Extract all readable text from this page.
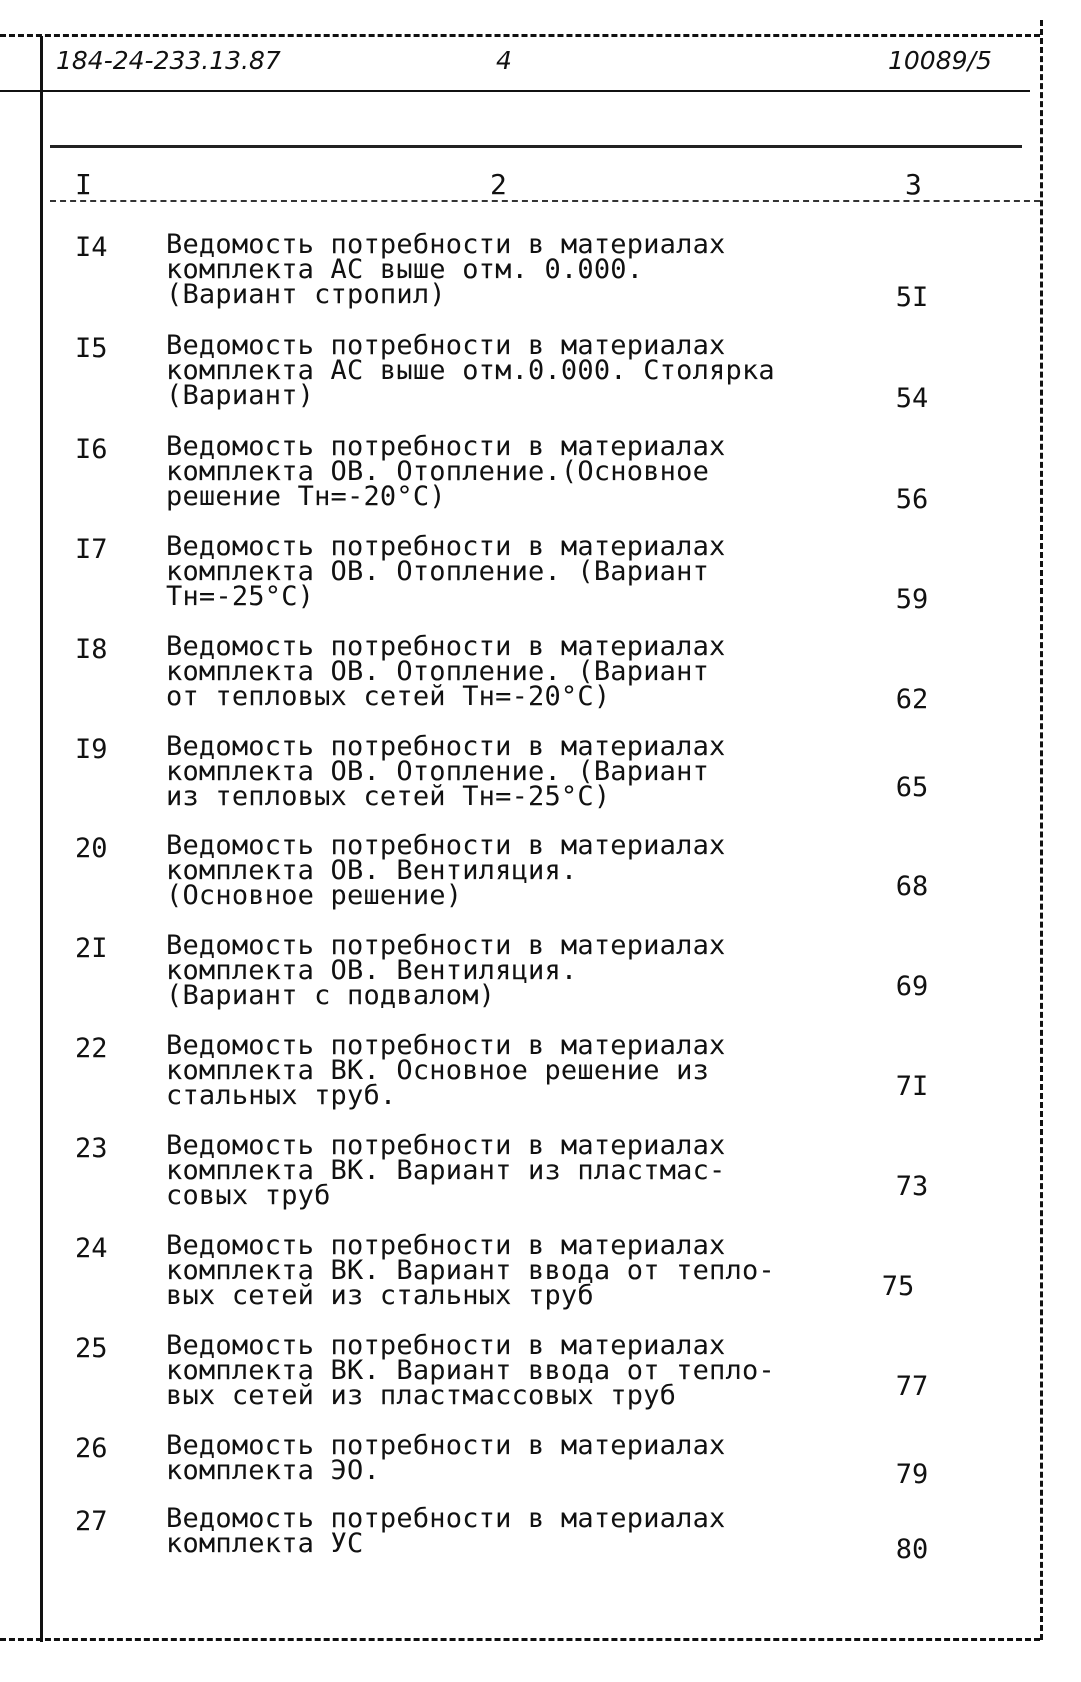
184-24-233.13.87	4	10089/5
I	2	3
I4 Ведомость потребности в материалах
комплекта АС выше отм. 0.000.
(Вариант стропил)	5I
I5 Ведомость потребности в материалах
комплекта АС выше отм.0.000. Столярка
(Вариант)	54
I6 Ведомость потребности в материалах
комплекта ОВ. Отопление.(Основное
решение Тн=-20°С)	56
I7 Ведомость потребности в материалах
комплекта ОВ. Отопление. (Вариант
Тн=-25°С)	59
I8 Ведомость потребности в материалах
комплекта ОВ. Отопление. (Вариант
от тепловых сетей Тн=-20°С)	62
I9 Ведомость потребности в материалах
комплекта ОВ. Отопление. (Вариант
из тепловых сетей Тн=-25°С)	65
20 Ведомость потребности в материалах
комплекта ОВ. Вентиляция.
(Основное решение)	68
2I Ведомость потребности в материалах
комплекта ОВ. Вентиляция.
(Вариант с подвалом)	69
22 Ведомость потребности в материалах
комплекта ВК. Основное решение из
стальных труб.	7I
23 Ведомость потребности в материалах
комплекта ВК. Вариант из пластмас-
совых труб	73
24 Ведомость потребности в материалах
комплекта ВК. Вариант ввода от тепло-
вых сетей из стальных труб	75
25 Ведомость потребности в материалах
комплекта ВК. Вариант ввода от тепло-
вых сетей из пластмассовых труб	77
26 Ведомость потребности в материалах
комплекта ЭО.	79
27 Ведомость потребности в материалах
комплекта УС	80
